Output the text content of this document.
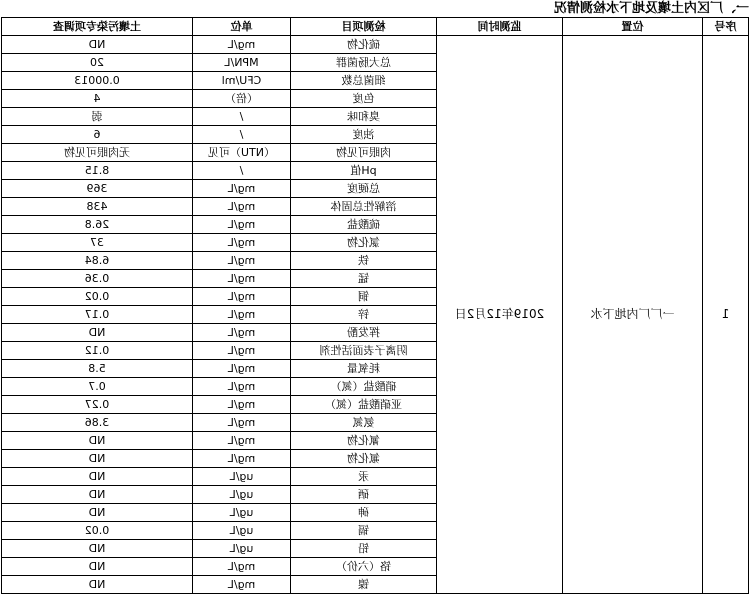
一、厂区内土壤及地下水检测情况
序号	位置	监测时间	检测项目	单位	土壤污染专项调查
1	一厂厂内地下水	2019年12月2日	硫化物	mg/L	ND
			总大肠菌群	MPN/L	20
			细菌总数	CFU/ml	0.00013
			色度	（倍）	4
			臭和味	/	弱
			浊度	/	6
			肉眼可见物	（NTU）可见	无肉眼可见物
			pH值	/	8.15
			总硬度	mg/L	369
			溶解性总固体	mg/L	438
			硫酸盐	mg/L	26.8
			氯化物	mg/L	37
			铁	mg/L	6.84
			锰	mg/L	0.36
			铜	mg/L	0.02
			锌	mg/L	0.17
			挥发酚	mg/L	ND
			阴离子表面活性剂	mg/L	0.12
			耗氧量	mg/L	5.8
			硝酸盐（氮）	mg/L	0.7
			亚硝酸盐（氮）	mg/L	0.27
			氨氮	mg/L	3.86
			氰化物	mg/L	ND
			氟化物	mg/L	ND
			汞	ug/L	ND
			硒	ug/L	ND
			砷	ug/L	ND
			镉	ug/L	0.02
			铅	ug/L	ND
			铬（六价）	mg/L	ND
			镍	mg/L	ND
